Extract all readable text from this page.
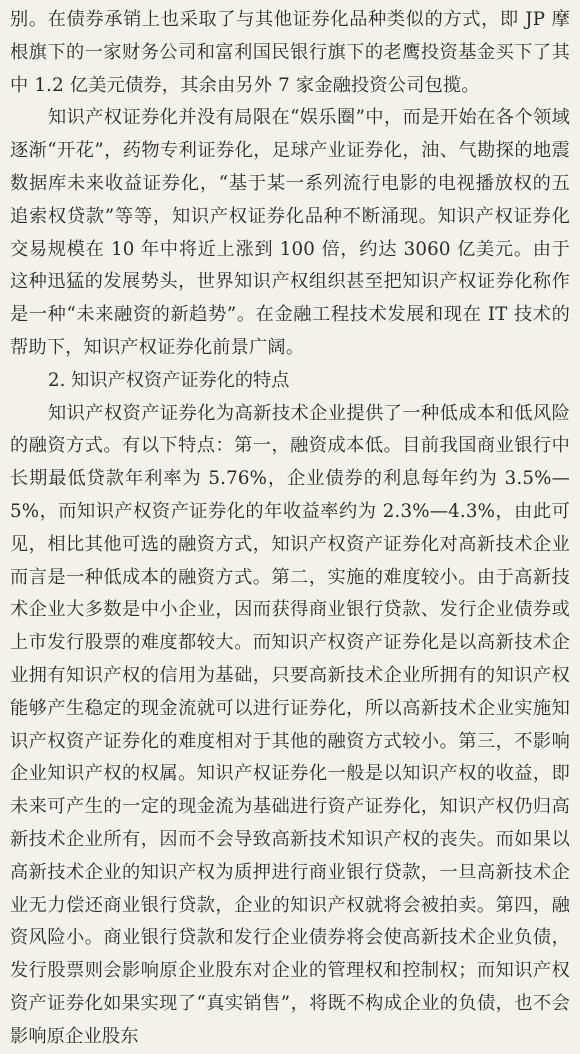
别。在债券承销上也采取了与其他证券化品种类似的方式，即 JP 摩根旗下的一家财务公司和富利国民银行旗下的老鹰投资基金买下了其中 1.2 亿美元债券，其余由另外 7 家金融投资公司包揽。

知识产权证券化并没有局限在“娱乐圈”中，而是开始在各个领域逐渐“开花”，药物专利证券化，足球产业证券化，油、气勘探的地震数据库未来收益证券化，“基于某一系列流行电影的电视播放权的五追索权贷款”等等，知识产权证券化品种不断涌现。知识产权证券化交易规模在 10 年中将近上涨到 100 倍，约达 3060 亿美元。由于这种迅猛的发展势头，世界知识产权组织甚至把知识产权证券化称作是一种“未来融资的新趋势”。在金融工程技术发展和现在 IT 技术的帮助下，知识产权证券化前景广阔。

2. 知识产权资产证券化的特点

知识产权资产证券化为高新技术企业提供了一种低成本和低风险的融资方式。有以下特点：第一，融资成本低。目前我国商业银行中长期最低贷款年利率为 5.76%，企业债券的利息每年约为 3.5%—5%，而知识产权资产证券化的年收益率约为 2.3%—4.3%，由此可见，相比其他可选的融资方式，知识产权资产证券化对高新技术企业而言是一种低成本的融资方式。第二，实施的难度较小。由于高新技术企业大多数是中小企业，因而获得商业银行贷款、发行企业债券或上市发行股票的难度都较大。而知识产权资产证券化是以高新技术企业拥有知识产权的信用为基础，只要高新技术企业所拥有的知识产权能够产生稳定的现金流就可以进行证券化，所以高新技术企业实施知识产权资产证券化的难度相对于其他的融资方式较小。第三，不影响企业知识产权的权属。知识产权证券化一般是以知识产权的收益，即未来可产生的一定的现金流为基础进行资产证券化，知识产权仍归高新技术企业所有，因而不会导致高新技术知识产权的丧失。而如果以高新技术企业的知识产权为质押进行商业银行贷款，一旦高新技术企业无力偿还商业银行贷款，企业的知识产权就将会被拍卖。第四，融资风险小。商业银行贷款和发行企业债券将会使高新技术企业负债，发行股票则会影响原企业股东对企业的管理权和控制权；而知识产权资产证券化如果实现了“真实销售”，将既不构成企业的负债，也不会影响原企业股东
